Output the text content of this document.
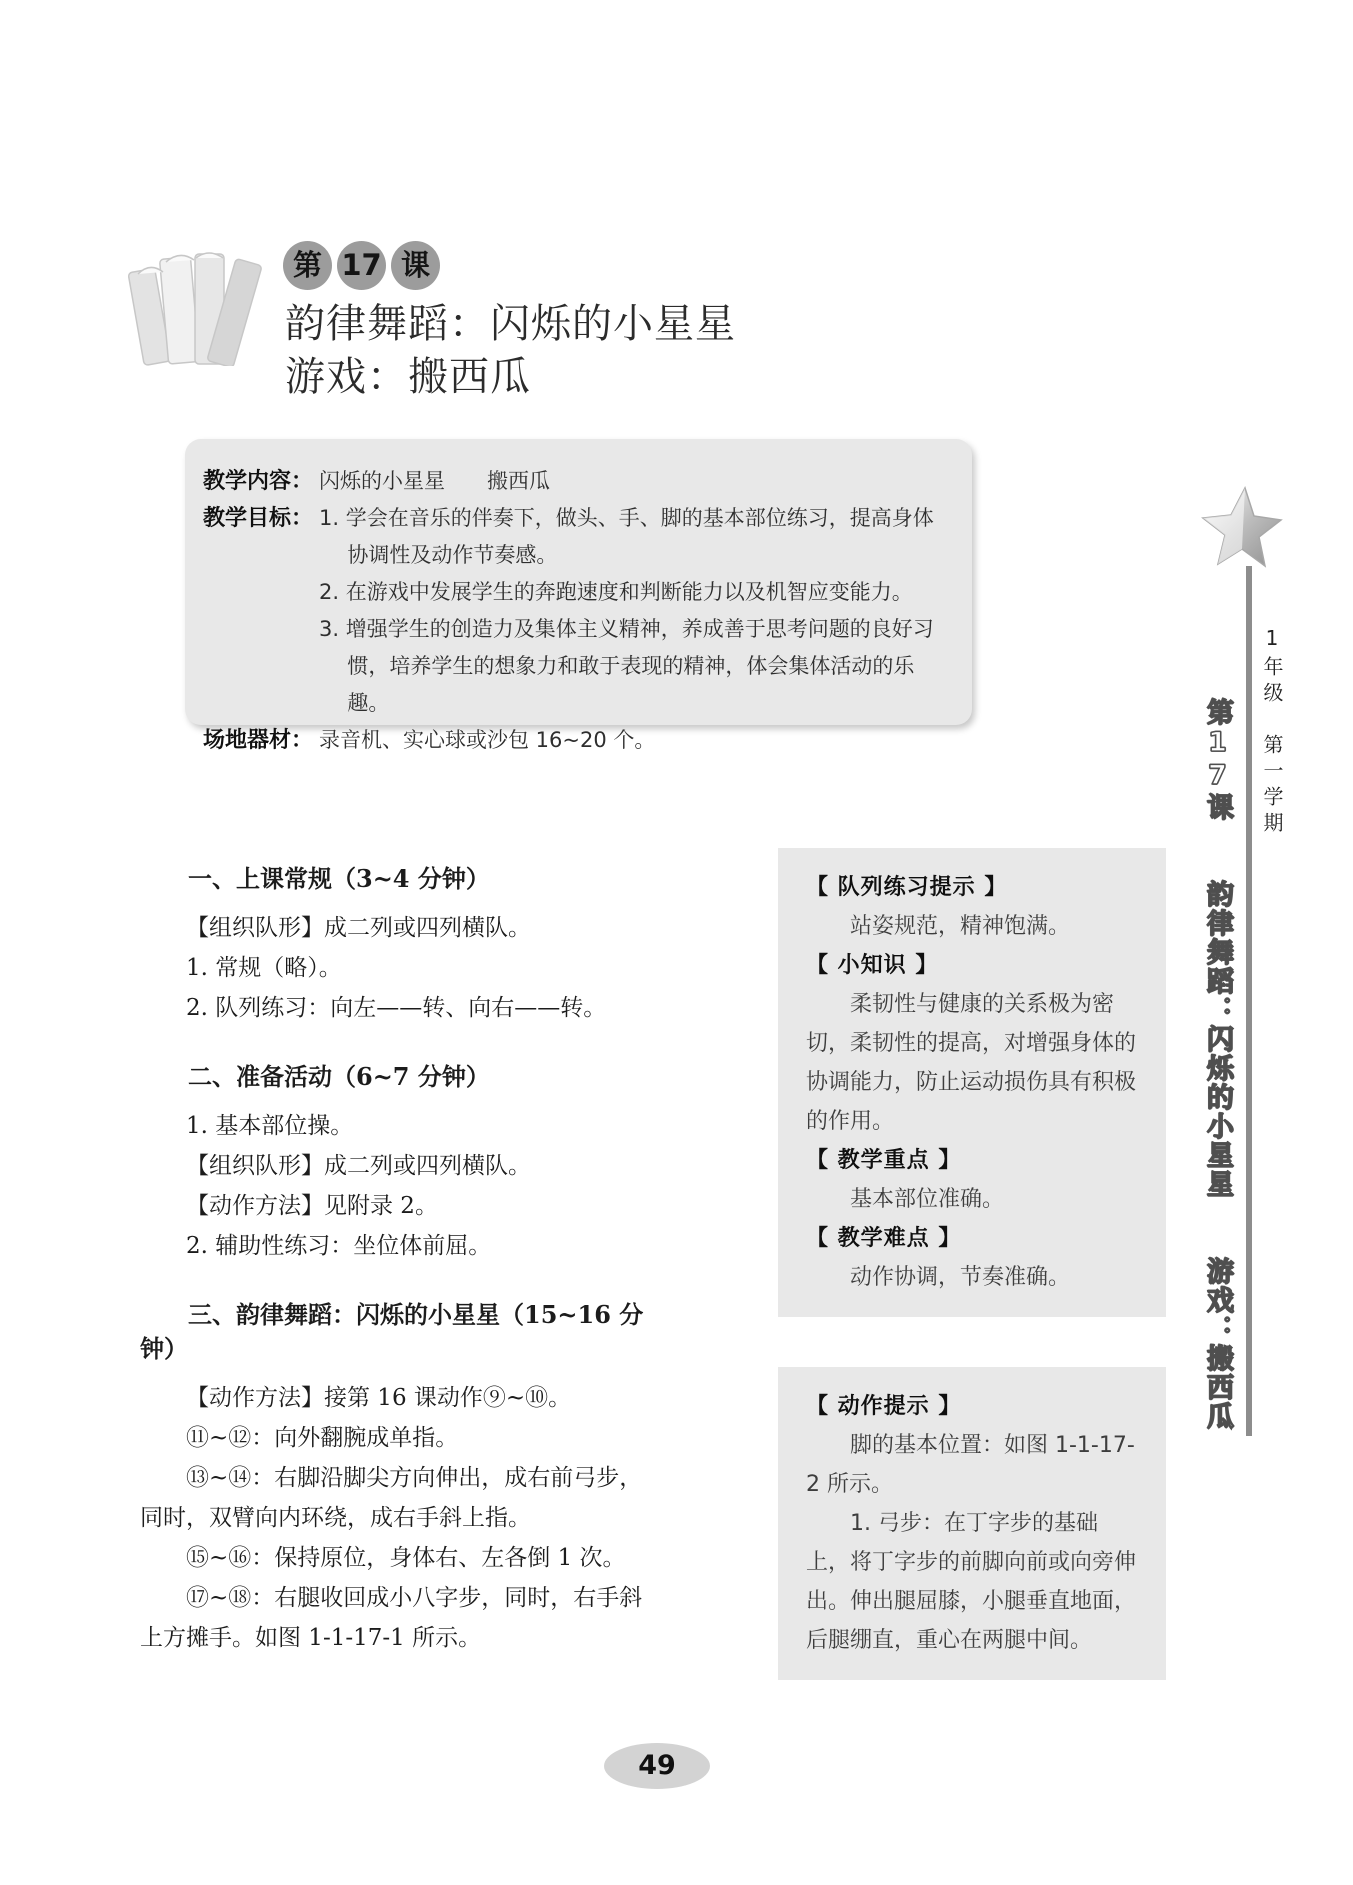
第 17 课
韵律舞蹈：闪烁的小星星
游戏：搬西瓜
教学内容： 闪烁的小星星　　搬西瓜

教学目标： 1. 学会在音乐的伴奏下，做头、手、脚的基本部位练习，提高身体协调性及动作节奏感。

2. 在游戏中发展学生的奔跑速度和判断能力以及机智应变能力。

3. 增强学生的创造力及集体主义精神，养成善于思考问题的良好习惯，培养学生的想象力和敢于表现的精神，体会集体活动的乐趣。

场地器材： 录音机、实心球或沙包 16~20 个。

一、上课常规（3~4 分钟）

【组织队形】成二列或四列横队。

1. 常规（略）。

2. 队列练习：向左——转、向右——转。

二、准备活动（6~7 分钟）

1. 基本部位操。

【组织队形】成二列或四列横队。

【动作方法】见附录 2。

2. 辅助性练习：坐位体前屈。

三、韵律舞蹈：闪烁的小星星（15~16 分钟）

【动作方法】接第 16 课动作⑨~⑩。

⑪~⑫：向外翻腕成单指。

⑬~⑭：右脚沿脚尖方向伸出，成右前弓步，同时，双臂向内环绕，成右手斜上指。

⑮~⑯：保持原位，身体右、左各倒 1 次。

⑰~⑱：右腿收回成小八字步，同时，右手斜上方摊手。如图 1-1-17-1 所示。

【 队列练习提示 】

站姿规范，精神饱满。

【 小知识 】

柔韧性与健康的关系极为密切，柔韧性的提高，对增强身体的协调能力，防止运动损伤具有积极的作用。

【 教学重点 】

基本部位准确。

【 教学难点 】

动作协调，节奏准确。

【 动作提示 】

脚的基本位置：如图 1-1-17-2 所示。

1. 弓步：在丁字步的基础上，将丁字步的前脚向前或向旁伸出。伸出腿屈膝，小腿垂直地面，后腿绷直，重心在两腿中间。

1年级　第一学期
第17课　　韵律舞蹈：闪烁的小星星　　游戏：搬西瓜
49
